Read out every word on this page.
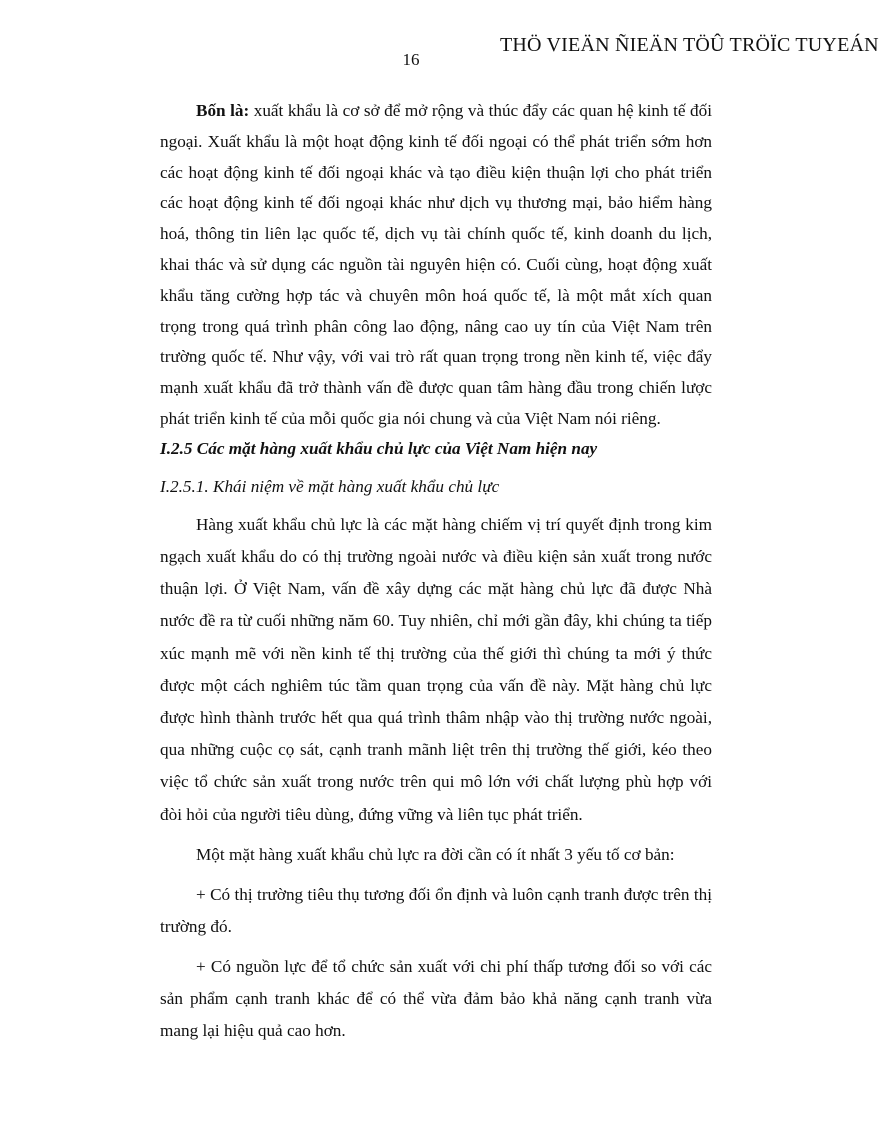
THÖ VIEÄN ÑIEÄN TÖÛ TRÖÏC TUYEÁN
16

Bốn là: xuất khẩu là cơ sở để mở rộng và thúc đẩy các quan hệ kinh tế đối ngoại. Xuất khẩu là một hoạt động kinh tế đối ngoại có thể phát triển sớm hơn các hoạt động kinh tế đối ngoại khác và tạo điều kiện thuận lợi cho phát triển các hoạt động kinh tế đối ngoại khác như dịch vụ thương mại, bảo hiểm hàng hoá, thông tin liên lạc quốc tế, dịch vụ tài chính quốc tế, kinh doanh du lịch, khai thác và sử dụng các nguồn tài nguyên hiện có. Cuối cùng, hoạt động xuất khẩu tăng cường hợp tác và chuyên môn hoá quốc tế, là một mắt xích quan trọng trong quá trình phân công lao động, nâng cao uy tín của Việt Nam trên trường quốc tế. Như vậy, với vai trò rất quan trọng trong nền kinh tế, việc đẩy mạnh xuất khẩu đã trở thành vấn đề được quan tâm hàng đầu trong chiến lược phát triển kinh tế của mỗi quốc gia nói chung và của Việt Nam nói riêng.

I.2.5 Các mặt hàng xuất khẩu chủ lực của Việt Nam hiện nay

I.2.5.1. Khái niệm về mặt hàng xuất khẩu chủ lực

Hàng xuất khẩu chủ lực là các mặt hàng chiếm vị trí quyết định trong kim ngạch xuất khẩu do có thị trường ngoài nước và điều kiện sản xuất trong nước thuận lợi. Ở Việt Nam, vấn đề xây dựng các mặt hàng chủ lực đã được Nhà nước đề ra từ cuối những năm 60. Tuy nhiên, chỉ mới gần đây, khi chúng ta tiếp xúc mạnh mẽ với nền kinh tế thị trường của thế giới thì chúng ta mới ý thức được một cách nghiêm túc tầm quan trọng của vấn đề này. Mặt hàng chủ lực được hình thành trước hết qua quá trình thâm nhập vào thị trường nước ngoài, qua những cuộc cọ sát, cạnh tranh mãnh liệt trên thị trường thế giới, kéo theo việc tổ chức sản xuất trong nước trên qui mô lớn với chất lượng phù hợp với đòi hỏi của người tiêu dùng, đứng vững và liên tục phát triển.

Một mặt hàng xuất khẩu chủ lực ra đời cần có ít nhất 3 yếu tố cơ bản:

+ Có thị trường tiêu thụ tương đối ổn định và luôn cạnh tranh được trên thị trường đó.

+ Có nguồn lực để tổ chức sản xuất với chi phí thấp tương đối so với các sản phẩm cạnh tranh khác để có thể vừa đảm bảo khả năng cạnh tranh vừa mang lại hiệu quả cao hơn.
